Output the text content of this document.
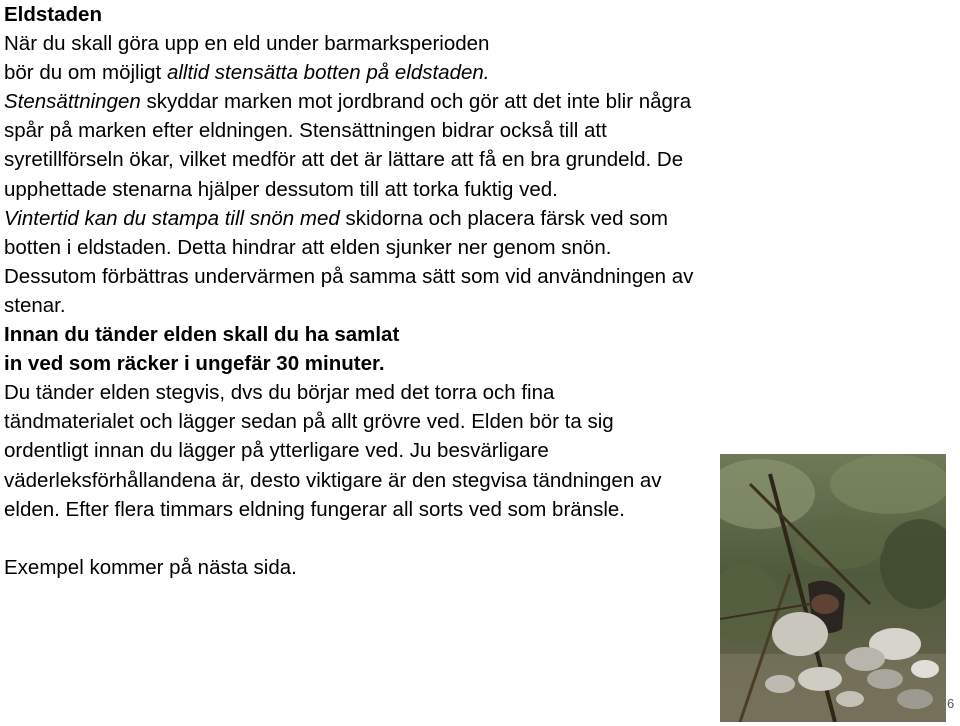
Eldstaden
När du skall göra upp en eld under barmarksperioden
bör du om möjligt alltid stensätta botten på eldstaden.
Stensättningen skyddar marken mot jordbrand och gör att det inte blir några
spår på marken efter eldningen. Stensättningen bidrar också till att
syretillförseln ökar, vilket medför att det är lättare att få en bra grundeld. De
upphettade stenarna hjälper dessutom till att torka fuktig ved.
Vintertid kan du stampa till snön med skidorna och placera färsk ved som
botten i eldstaden. Detta hindrar att elden sjunker ner genom snön.
Dessutom förbättras undervärmen på samma sätt som vid användningen av
stenar.
Innan du tänder elden skall du ha samlat
in ved som räcker i ungefär 30 minuter.
Du tänder elden stegvis, dvs du börjar med det torra och fina
tändmaterialet och lägger sedan på allt grövre ved. Elden bör ta sig
ordentligt innan du lägger på ytterligare ved. Ju besvärligare
väderleksförhållandena är, desto viktigare är den stegvisa tändningen av
elden. Efter flera timmars eldning fungerar all sorts ved som bränsle.
Exempel kommer på nästa sida.
6
